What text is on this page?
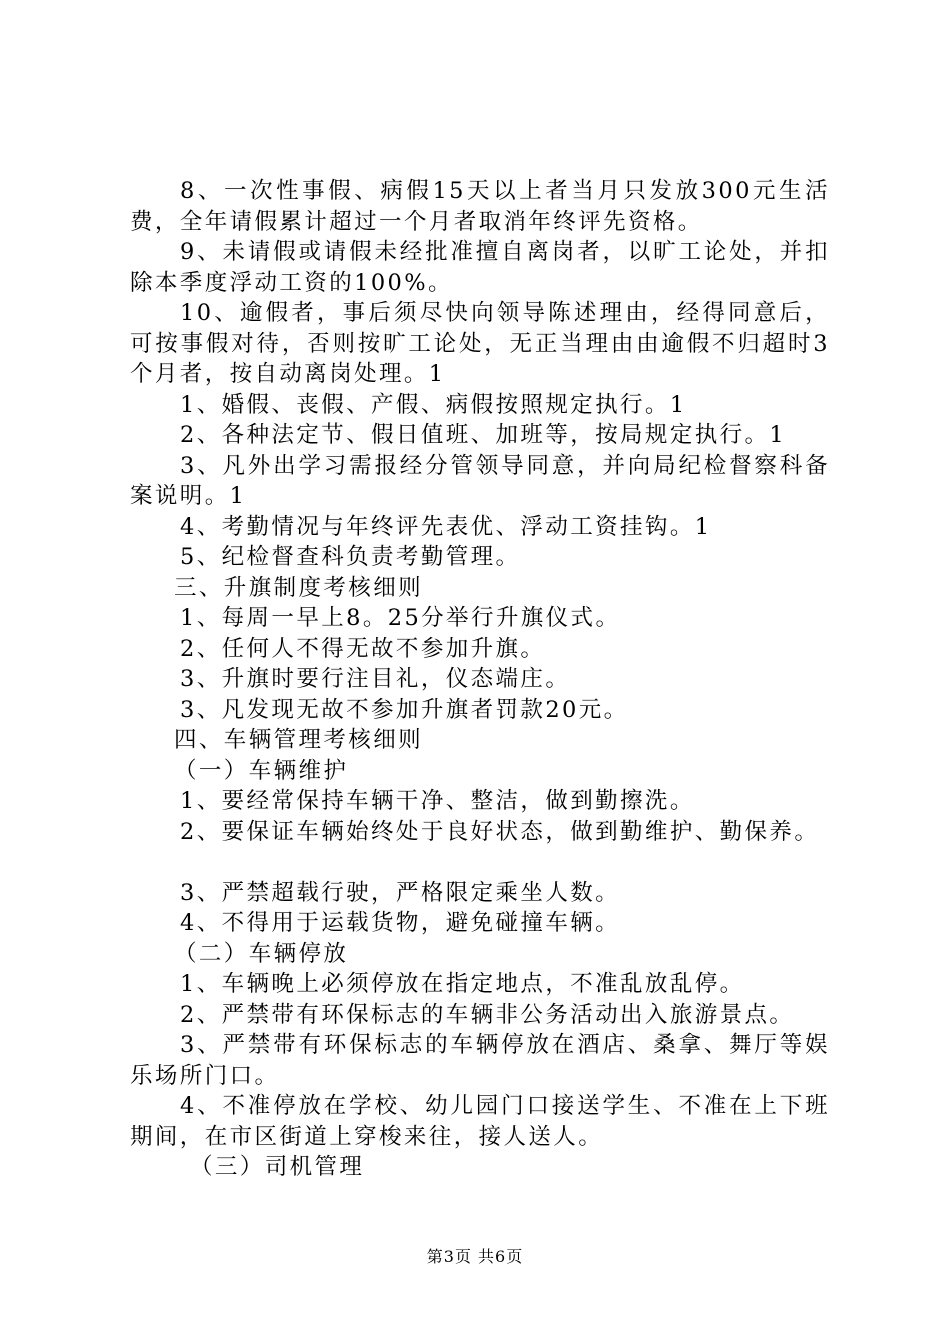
8、一次性事假、病假15天以上者当月只发放300元生活费，全年请假累计超过一个月者取消年终评先资格。

9、未请假或请假未经批准擅自离岗者，以旷工论处，并扣除本季度浮动工资的100%。

10、逾假者，事后须尽快向领导陈述理由，经得同意后，可按事假对待，否则按旷工论处，无正当理由由逾假不归超时3个月者，按自动离岗处理。1

1、婚假、丧假、产假、病假按照规定执行。1

2、各种法定节、假日值班、加班等，按局规定执行。1

3、凡外出学习需报经分管领导同意，并向局纪检督察科备案说明。1

4、考勤情况与年终评先表优、浮动工资挂钩。1

5、纪检督查科负责考勤管理。

三、升旗制度考核细则

1、每周一早上8。25分举行升旗仪式。

2、任何人不得无故不参加升旗。

3、升旗时要行注目礼，仪态端庄。

3、凡发现无故不参加升旗者罚款20元。

四、车辆管理考核细则

（一）车辆维护

1、要经常保持车辆干净、整洁，做到勤擦洗。

2、要保证车辆始终处于良好状态，做到勤维护、勤保养。

3、严禁超载行驶，严格限定乘坐人数。

4、不得用于运载货物，避免碰撞车辆。

（二）车辆停放

1、车辆晚上必须停放在指定地点，不准乱放乱停。

2、严禁带有环保标志的车辆非公务活动出入旅游景点。

3、严禁带有环保标志的车辆停放在酒店、桑拿、舞厅等娱乐场所门口。

4、不准停放在学校、幼儿园门口接送学生、不准在上下班期间，在市区街道上穿梭来往，接人送人。

（三）司机管理

第3页 共6页
